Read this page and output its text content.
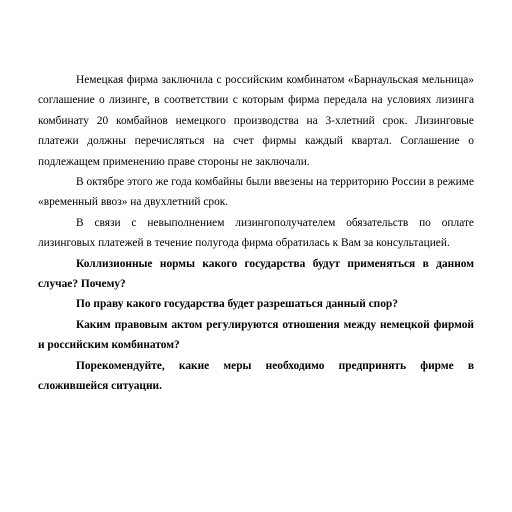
Немецкая фирма заключила с российским комбинатом «Барнаульская мельница» соглашение о лизинге, в соответствии с которым фирма передала на условиях лизинга комбинату 20 комбайнов немецкого производства на 3-хлетний срок. Лизинговые платежи должны перечисляться на счет фирмы каждый квартал. Соглашение о подлежащем применению праве стороны не заключали.

В октябре этого же года комбайны были ввезены на территорию России в режиме «временный ввоз» на двухлетний срок.

В связи с невыполнением лизингополучателем обязательств по оплате лизинговых платежей в течение полугода фирма обратилась к Вам за консультацией.

Коллизионные нормы какого государства будут применяться в данном случае? Почему?

По праву какого государства будет разрешаться данный спор?

Каким правовым актом регулируются отношения между немецкой фирмой и российским комбинатом?

Порекомендуйте, какие меры необходимо предпринять фирме в сложившейся ситуации.
